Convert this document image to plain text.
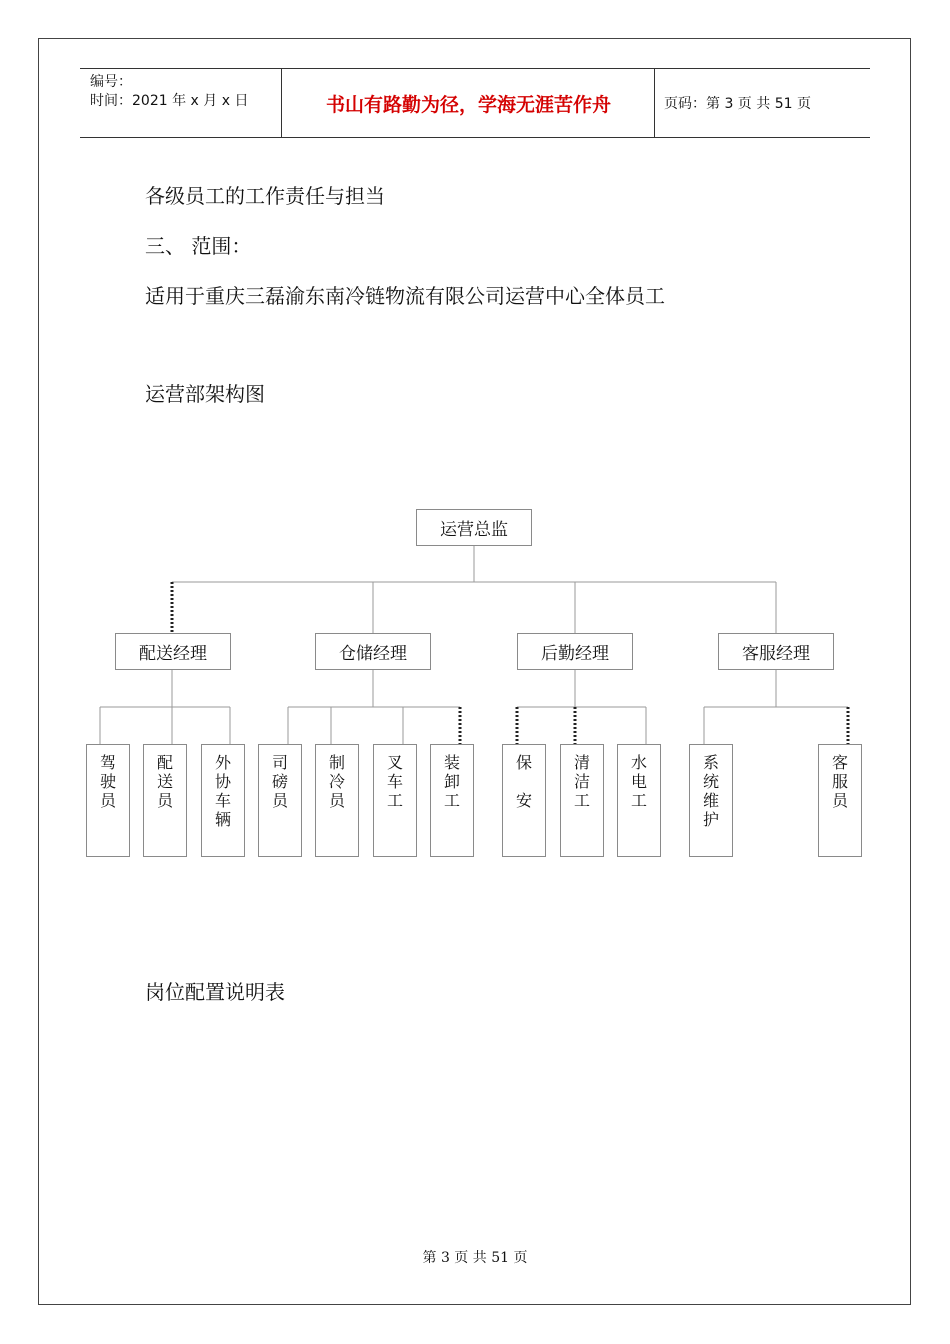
编号：
时间：2021 年 x 月 x 日	书山有路勤为径，学海无涯苦作舟	页码：第 3 页 共 51 页
各级员工的工作责任与担当
三、 范围：
适用于重庆三磊渝东南冷链物流有限公司运营中心全体员工
运营部架构图
运营总监
配送经理	仓储经理	后勤经理	客服经理
驾
驶
员
配
送
员
外
协
车
辆
司
磅
员
制
冷
员
叉
车
工
装
卸
工
保
安
清
洁
工
水
电
工
系
统
维
护
客
服
员
岗位配置说明表
第 3 页 共 51 页
